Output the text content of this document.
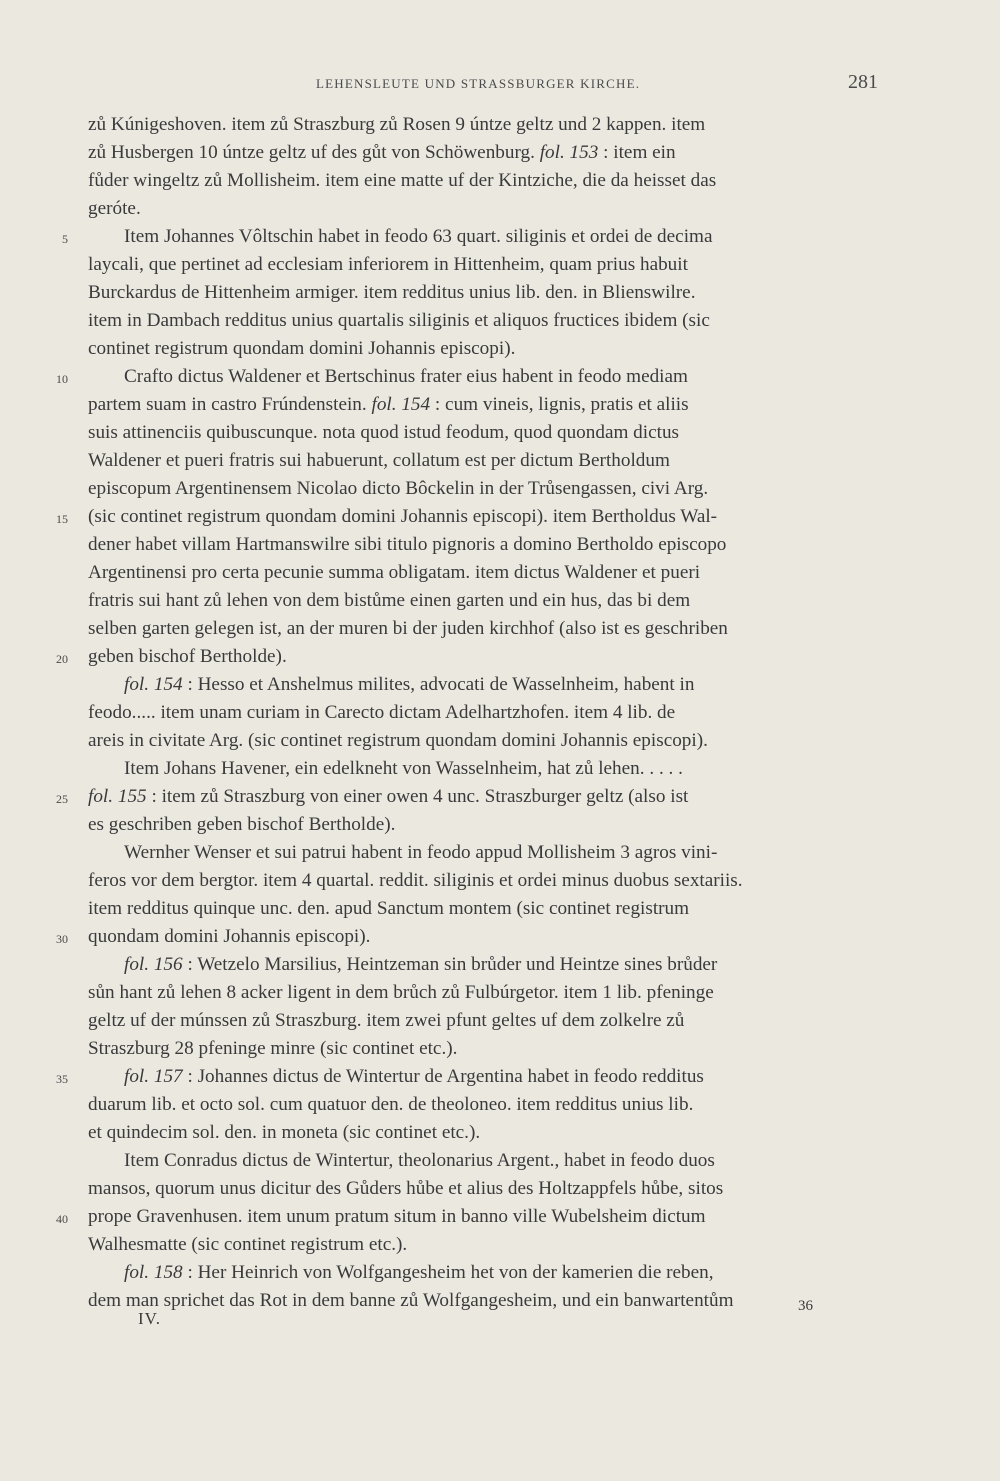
LEHENSLEUTE UND STRASSBURGER KIRCHE.	281
zů Kúnigeshoven. item zů Straszburg zů Rosen 9 úntze geltz und 2 kappen. item
zů Husbergen 10 úntze geltz uf des gůt von Schöwenburg. fol. 153 : item ein
fůder wingeltz zů Mollisheim. item eine matte uf der Kintziche, die da heisset das
geróte.
Item Johannes Vôltschin habet in feodo 63 quart. siliginis et ordei de decima
laycali, que pertinet ad ecclesiam inferiorem in Hittenheim, quam prius habuit
Burckardus de Hittenheim armiger. item redditus unius lib. den. in Blienswilre.
item in Dambach redditus unius quartalis siliginis et aliquos fructices ibidem (sic
continet registrum quondam domini Johannis episcopi).
Crafto dictus Waldener et Bertschinus frater eius habent in feodo mediam
partem suam in castro Frúndenstein. fol. 154 : cum vineis, lignis, pratis et aliis
suis attinenciis quibuscunque. nota quod istud feodum, quod quondam dictus
Waldener et pueri fratris sui habuerunt, collatum est per dictum Bertholdum
episcopum Argentinensem Nicolao dicto Bôckelin in der Trůsengassen, civi Arg.
(sic continet registrum quondam domini Johannis episcopi). item Bertholdus Wal-
dener habet villam Hartmanswilre sibi titulo pignoris a domino Bertholdo episcopo
Argentinensi pro certa pecunie summa obligatam. item dictus Waldener et pueri
fratris sui hant zů lehen von dem bistůme einen garten und ein hus, das bi dem
selben garten gelegen ist, an der muren bi der juden kirchhof (also ist es geschriben
geben bischof Bertholde).
fol. 154 : Hesso et Anshelmus milites, advocati de Wasselnheim, habent in
feodo..... item unam curiam in Carecto dictam Adelhartzhofen. item 4 lib. de
areis in civitate Arg. (sic continet registrum quondam domini Johannis episcopi).
Item Johans Havener, ein edelkneht von Wasselnheim, hat zů lehen. . . . .
fol. 155 : item zů Straszburg von einer owen 4 unc. Straszburger geltz (also ist
es geschriben geben bischof Bertholde).
Wernher Wenser et sui patrui habent in feodo appud Mollisheim 3 agros vini-
feros vor dem bergtor. item 4 quartal. reddit. siliginis et ordei minus duobus sextariis.
item redditus quinque unc. den. apud Sanctum montem (sic continet registrum
quondam domini Johannis episcopi).
fol. 156 : Wetzelo Marsilius, Heintzeman sin brůder und Heintze sines brůder
sůn hant zů lehen 8 acker ligent in dem brůch zů Fulbúrgetor. item 1 lib. pfeninge
geltz uf der múnssen zů Straszburg. item zwei pfunt geltes uf dem zolkelre zů
Straszburg 28 pfeninge minre (sic continet etc.).
fol. 157 : Johannes dictus de Wintertur de Argentina habet in feodo redditus
duarum lib. et octo sol. cum quatuor den. de theoloneo. item redditus unius lib.
et quindecim sol. den. in moneta (sic continet etc.).
Item Conradus dictus de Wintertur, theolonarius Argent., habet in feodo duos
mansos, quorum unus dicitur des Gůders hůbe et alius des Holtzappfels hůbe, sitos
prope Gravenhusen. item unum pratum situm in banno ville Wubelsheim dictum
Walhesmatte (sic continet registrum etc.).
fol. 158 : Her Heinrich von Wolfgangesheim het von der kamerien die reben,
dem man sprichet das Rot in dem banne zů Wolfgangesheim, und ein banwartentům
5
10
15
20
25
30
35
40
IV.
36
